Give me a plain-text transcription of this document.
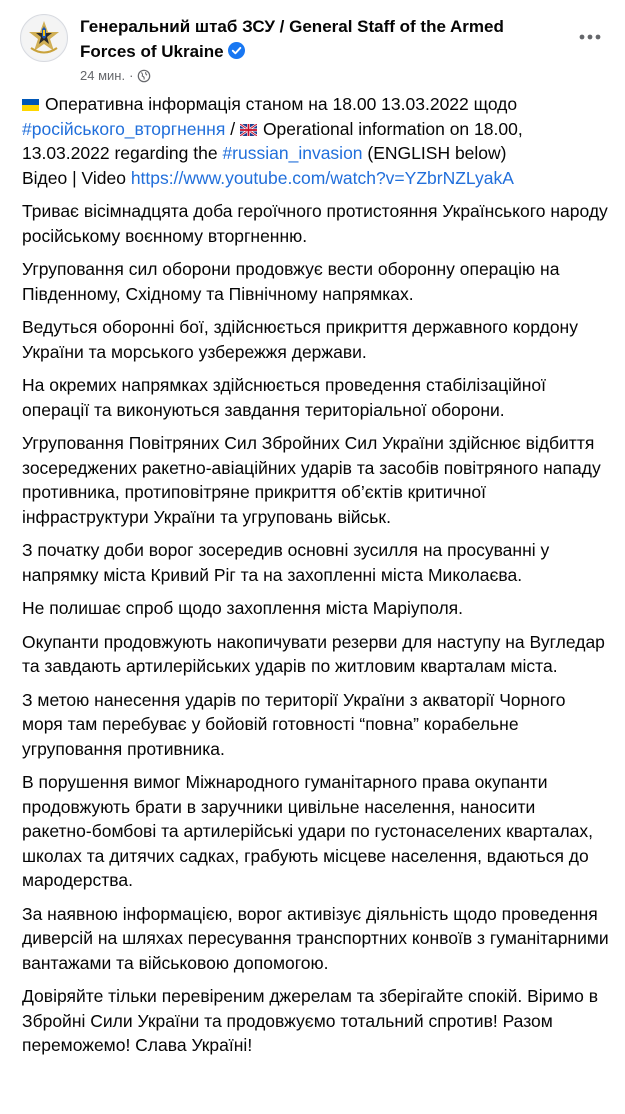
Генеральний штаб ЗСУ / General Staff of the Armed Forces of Ukraine
24 мин. ·

Оперативна інформація станом на 18.00 13.03.2022 щодо #російського_вторгнення / Operational information on 18.00, 13.03.2022 regarding the #russian_invasion (ENGLISH below)
Відео | Video https://www.youtube.com/watch?v=YZbrNZLyakA

Триває вісімнадцята доба героїчного протистояння Українського народу російському воєнному вторгненню.

Угруповання сил оборони продовжує вести оборонну операцію на Південному, Східному та Північному напрямках.

Ведуться оборонні бої, здійснюється прикриття державного кордону України та морського узбережжя держави.

На окремих напрямках здійснюється проведення стабілізаційної операції та виконуються завдання територіальної оборони.

Угруповання Повітряних Сил Збройних Сил України здійснює відбиття зосереджених ракетно-авіаційних ударів та засобів повітряного нападу противника, протиповітряне прикриття об’єктів критичної інфраструктури України та угруповань військ.

З початку доби ворог зосередив основні зусилля на просуванні у напрямку міста Кривий Ріг та на захопленні міста Миколаєва.

Не полишає спроб щодо захоплення міста Маріуполя.

Окупанти продовжують накопичувати резерви для наступу на Вугледар та завдають артилерійських ударів по житловим кварталам міста.

З метою нанесення ударів по території України з акваторії Чорного моря там перебуває у бойовій готовності “повна” корабельне угруповання противника.

В порушення вимог Міжнародного гуманітарного права окупанти продовжують брати в заручники цивільне населення, наносити ракетно-бомбові та артилерійські удари по густонаселених кварталах, школах та дитячих садках, грабують місцеве населення, вдаються до мародерства.

За наявною інформацією, ворог активізує діяльність щодо проведення диверсій на шляхах пересування транспортних конвоїв з гуманітарними вантажами та військовою допомогою.

Довіряйте тільки перевіреним джерелам та зберігайте спокій. Віримо в Збройні Сили України та продовжуємо тотальний спротив! Разом переможемо! Слава Україні!
